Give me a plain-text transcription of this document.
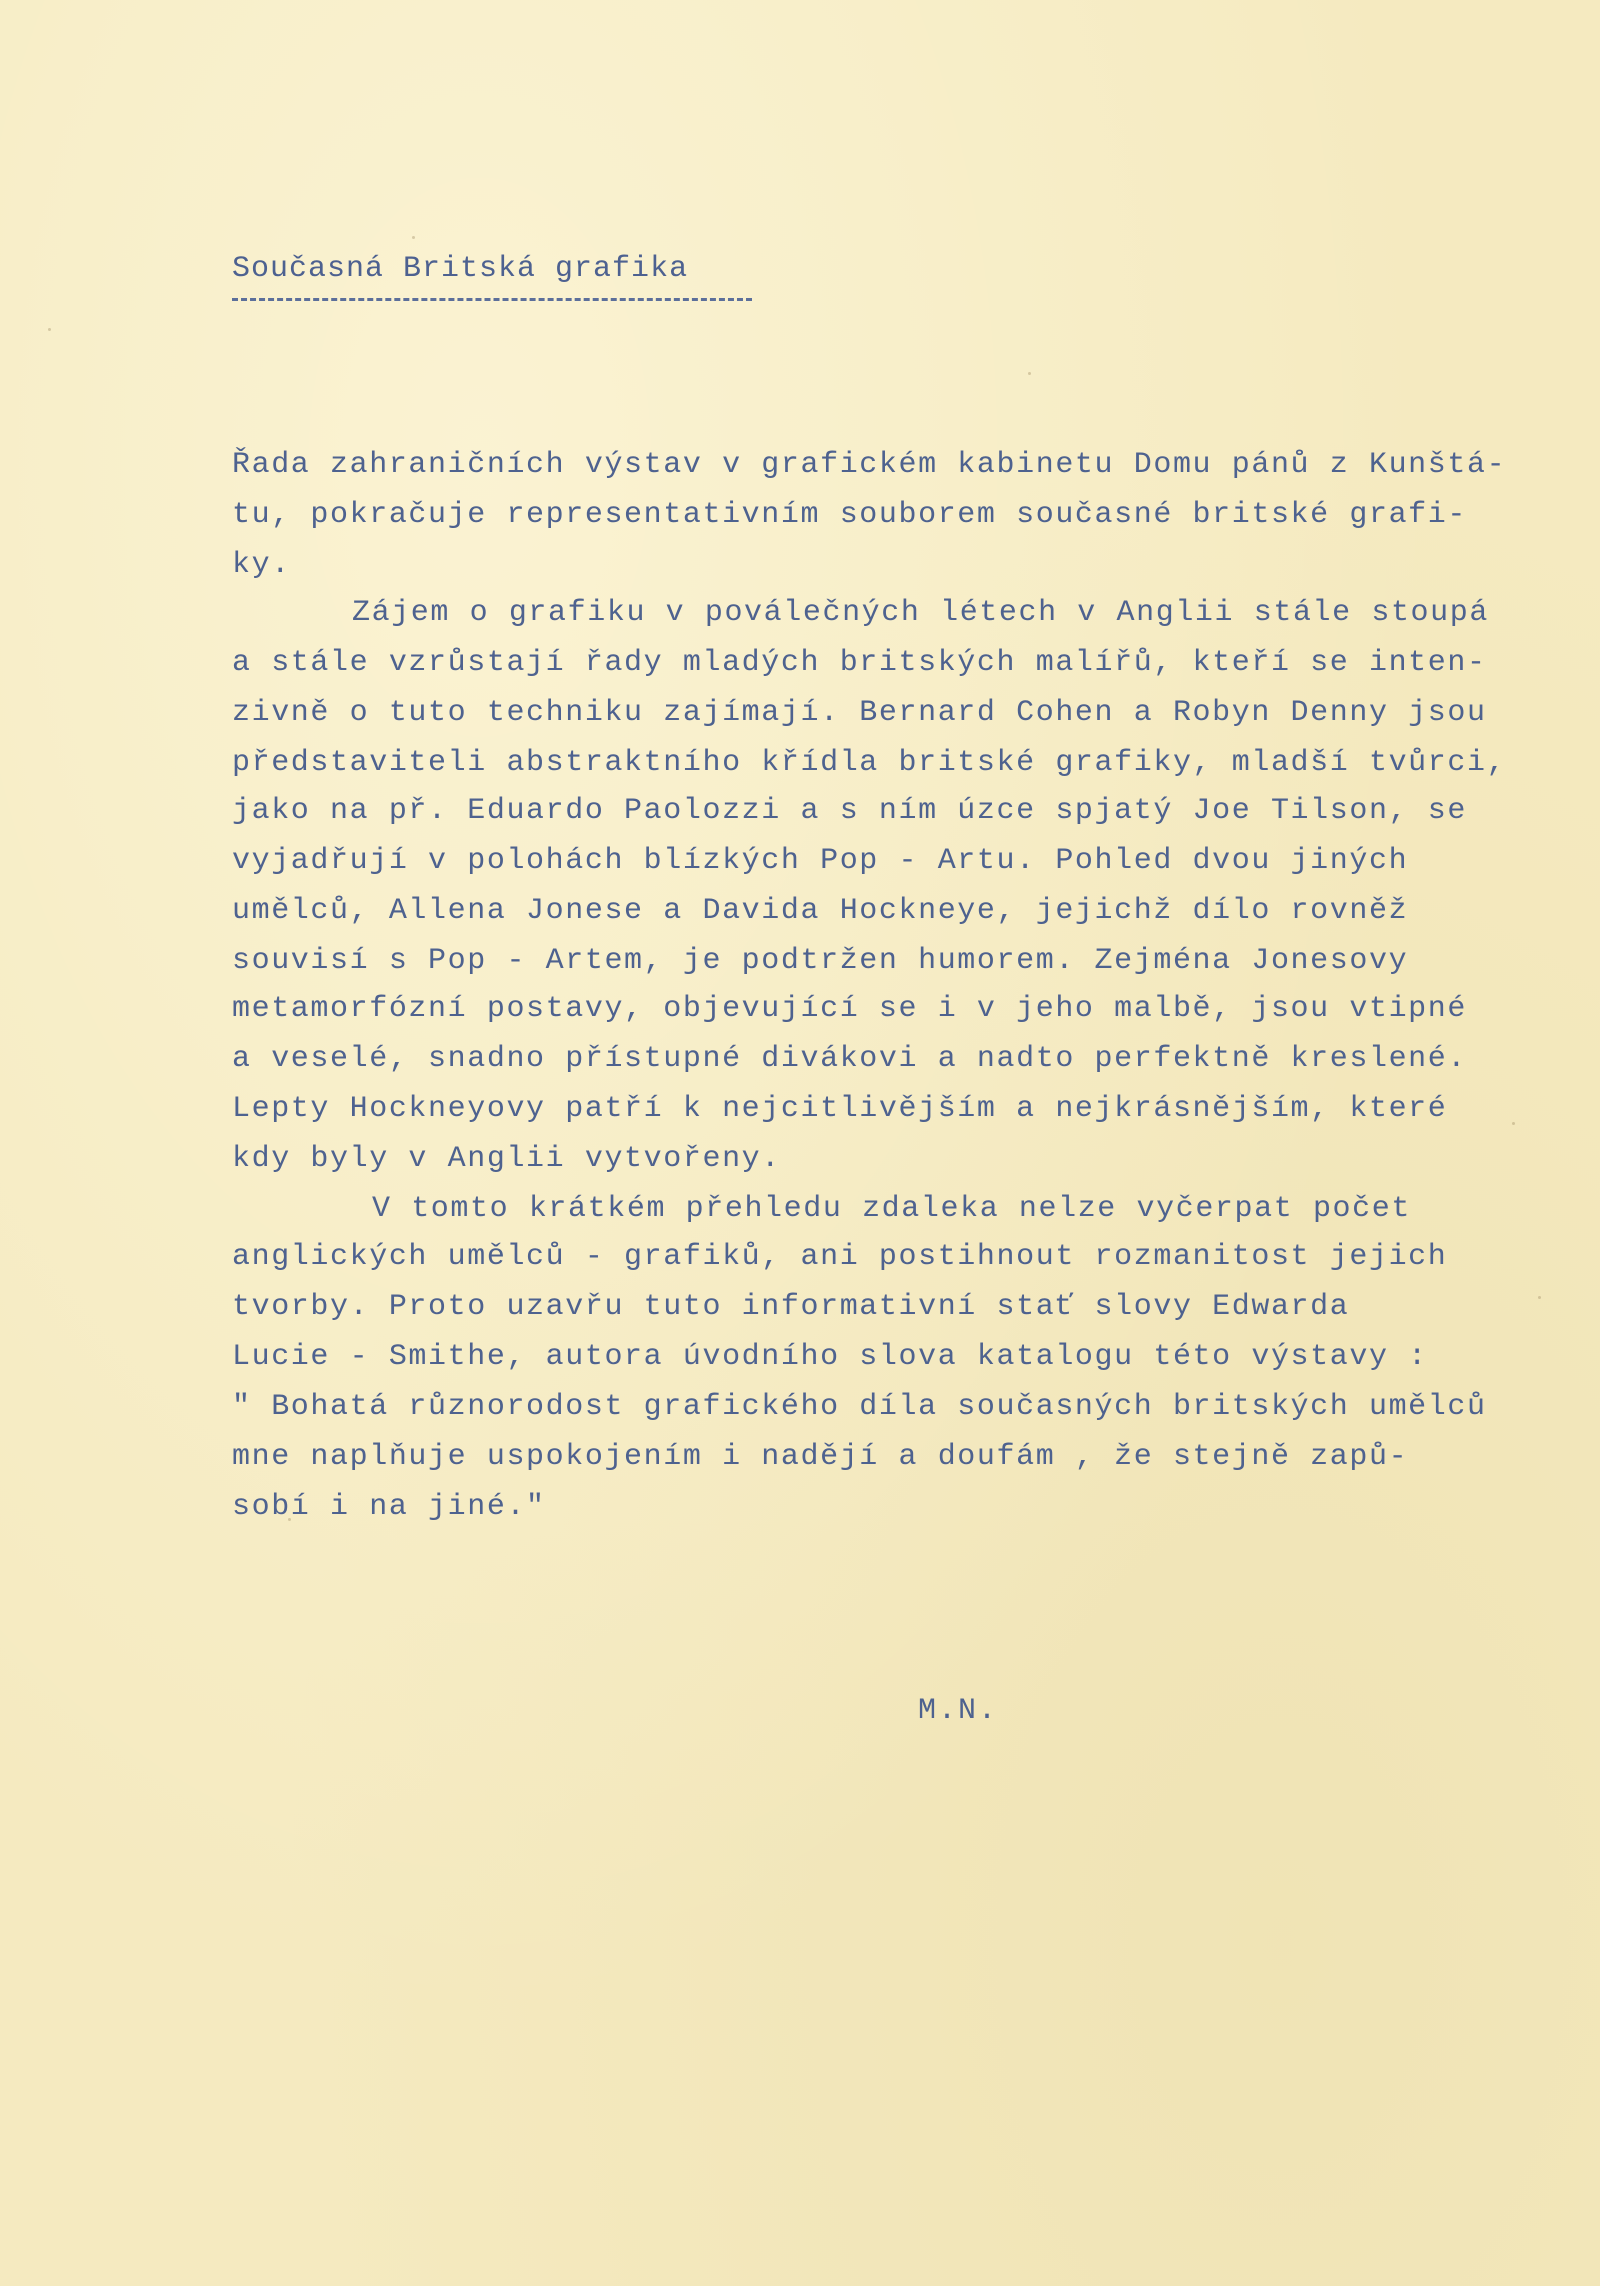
Současná Britská grafika
Řada zahraničních výstav v grafickém kabinetu Domu pánů z Kunštá-
tu, pokračuje representativním souborem současné britské grafi-
ky.
Zájem o grafiku v poválečných létech v Anglii stále stoupá
a stále vzrůstají řady mladých britských malířů, kteří se inten-
zivně o tuto techniku zajímají. Bernard Cohen a Robyn Denny jsou
představiteli abstraktního křídla britské grafiky, mladší tvůrci,
jako na př. Eduardo Paolozzi a s ním úzce spjatý Joe Tilson, se
vyjadřují v polohách blízkých Pop - Artu. Pohled dvou jiných
umělců, Allena Jonese a Davida Hockneye, jejichž dílo rovněž
souvisí s Pop - Artem, je podtržen humorem. Zejména Jonesovy
metamorfózní postavy, objevující se i v jeho malbě, jsou vtipné
a veselé, snadno přístupné divákovi a nadto perfektně kreslené.
Lepty Hockneyovy patří k nejcitlivějším a nejkrásnějším, které
kdy byly v Anglii vytvořeny.
V tomto krátkém přehledu zdaleka nelze vyčerpat počet
anglických umělců - grafiků, ani postihnout rozmanitost jejich
tvorby. Proto uzavřu tuto informativní stať slovy Edwarda
Lucie - Smithe, autora úvodního slova katalogu této výstavy :
" Bohatá různorodost grafického díla současných britských umělců
mne naplňuje uspokojením i nadějí a doufám , že stejně zapů-
sobí i na jiné."
M.N.
